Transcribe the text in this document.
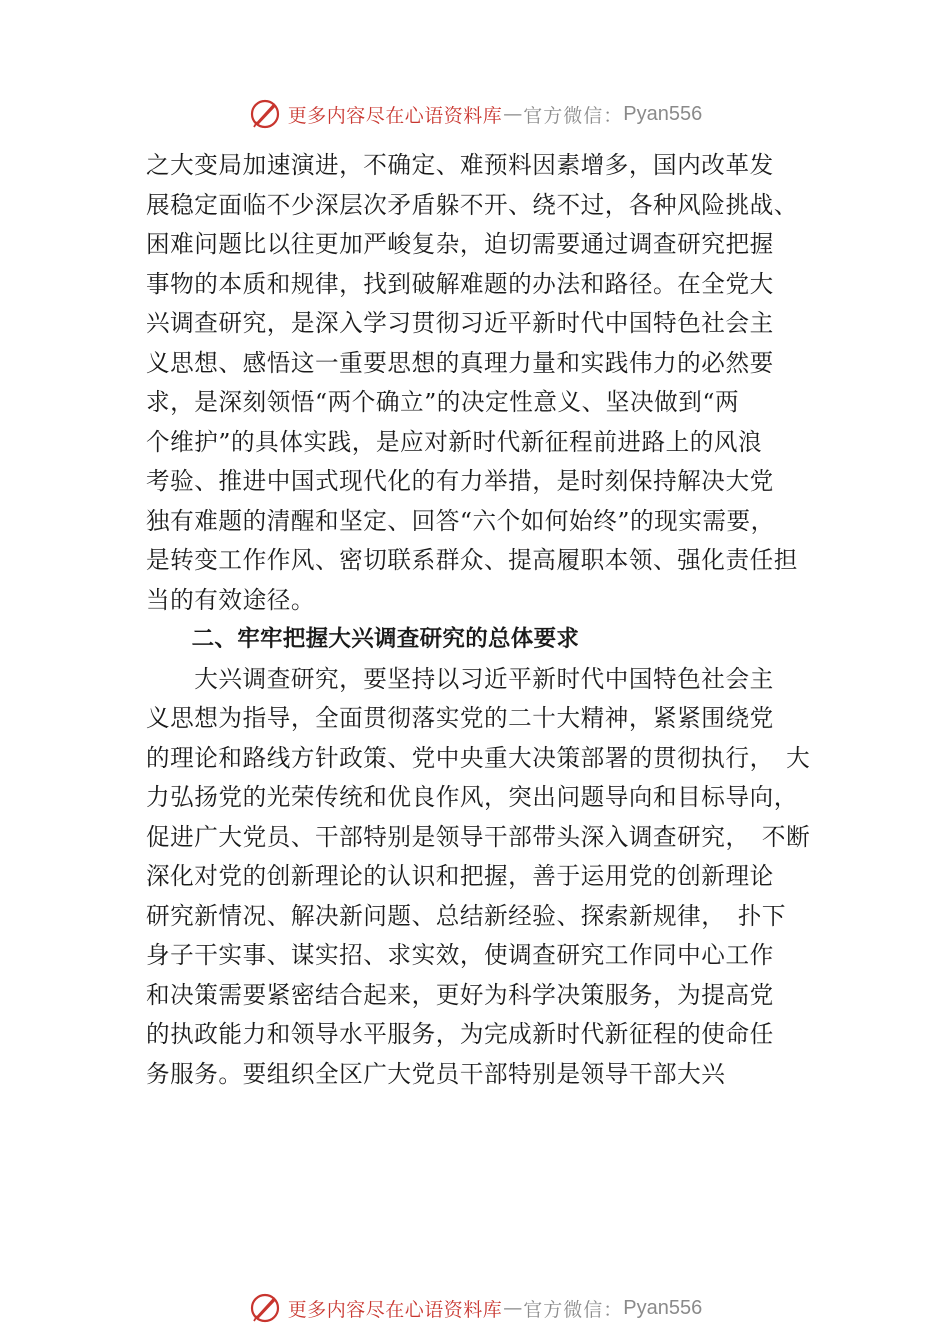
更多内容尽在心语资料库 — 官方微信： Pyan556
之大变局加速演进，不确定、难预料因素增多，国内改革发
展稳定面临不少深层次矛盾躲不开、绕不过，各种风险挑战、
困难问题比以往更加严峻复杂，迫切需要通过调查研究把握
事物的本质和规律，找到破解难题的办法和路径。在全党大
兴调查研究，是深入学习贯彻习近平新时代中国特色社会主
义思想、感悟这一重要思想的真理力量和实践伟力的必然要
求，是深刻领悟“两个确立”的决定性意义、坚决做到“两
个维护”的具体实践，是应对新时代新征程前进路上的风浪
考验、推进中国式现代化的有力举措，是时刻保持解决大党
独有难题的清醒和坚定、回答“六个如何始终”的现实需要，
是转变工作作风、密切联系群众、提高履职本领、强化责任担
当的有效途径。
　　二、牢牢把握大兴调查研究的总体要求
　　大兴调查研究，要坚持以习近平新时代中国特色社会主
义思想为指导，全面贯彻落实党的二十大精神，紧紧围绕党
的理论和路线方针政策、党中央重大决策部署的贯彻执行，　大
力弘扬党的光荣传统和优良作风，突出问题导向和目标导向，
促进广大党员、干部特别是领导干部带头深入调查研究，　不断
深化对党的创新理论的认识和把握，善于运用党的创新理论
研究新情况、解决新问题、总结新经验、探索新规律，　扑下
身子干实事、谋实招、求实效，使调查研究工作同中心工作
和决策需要紧密结合起来，更好为科学决策服务，为提高党
的执政能力和领导水平服务，为完成新时代新征程的使命任
务服务。要组织全区广大党员干部特别是领导干部大兴
更多内容尽在心语资料库 — 官方微信： Pyan556
